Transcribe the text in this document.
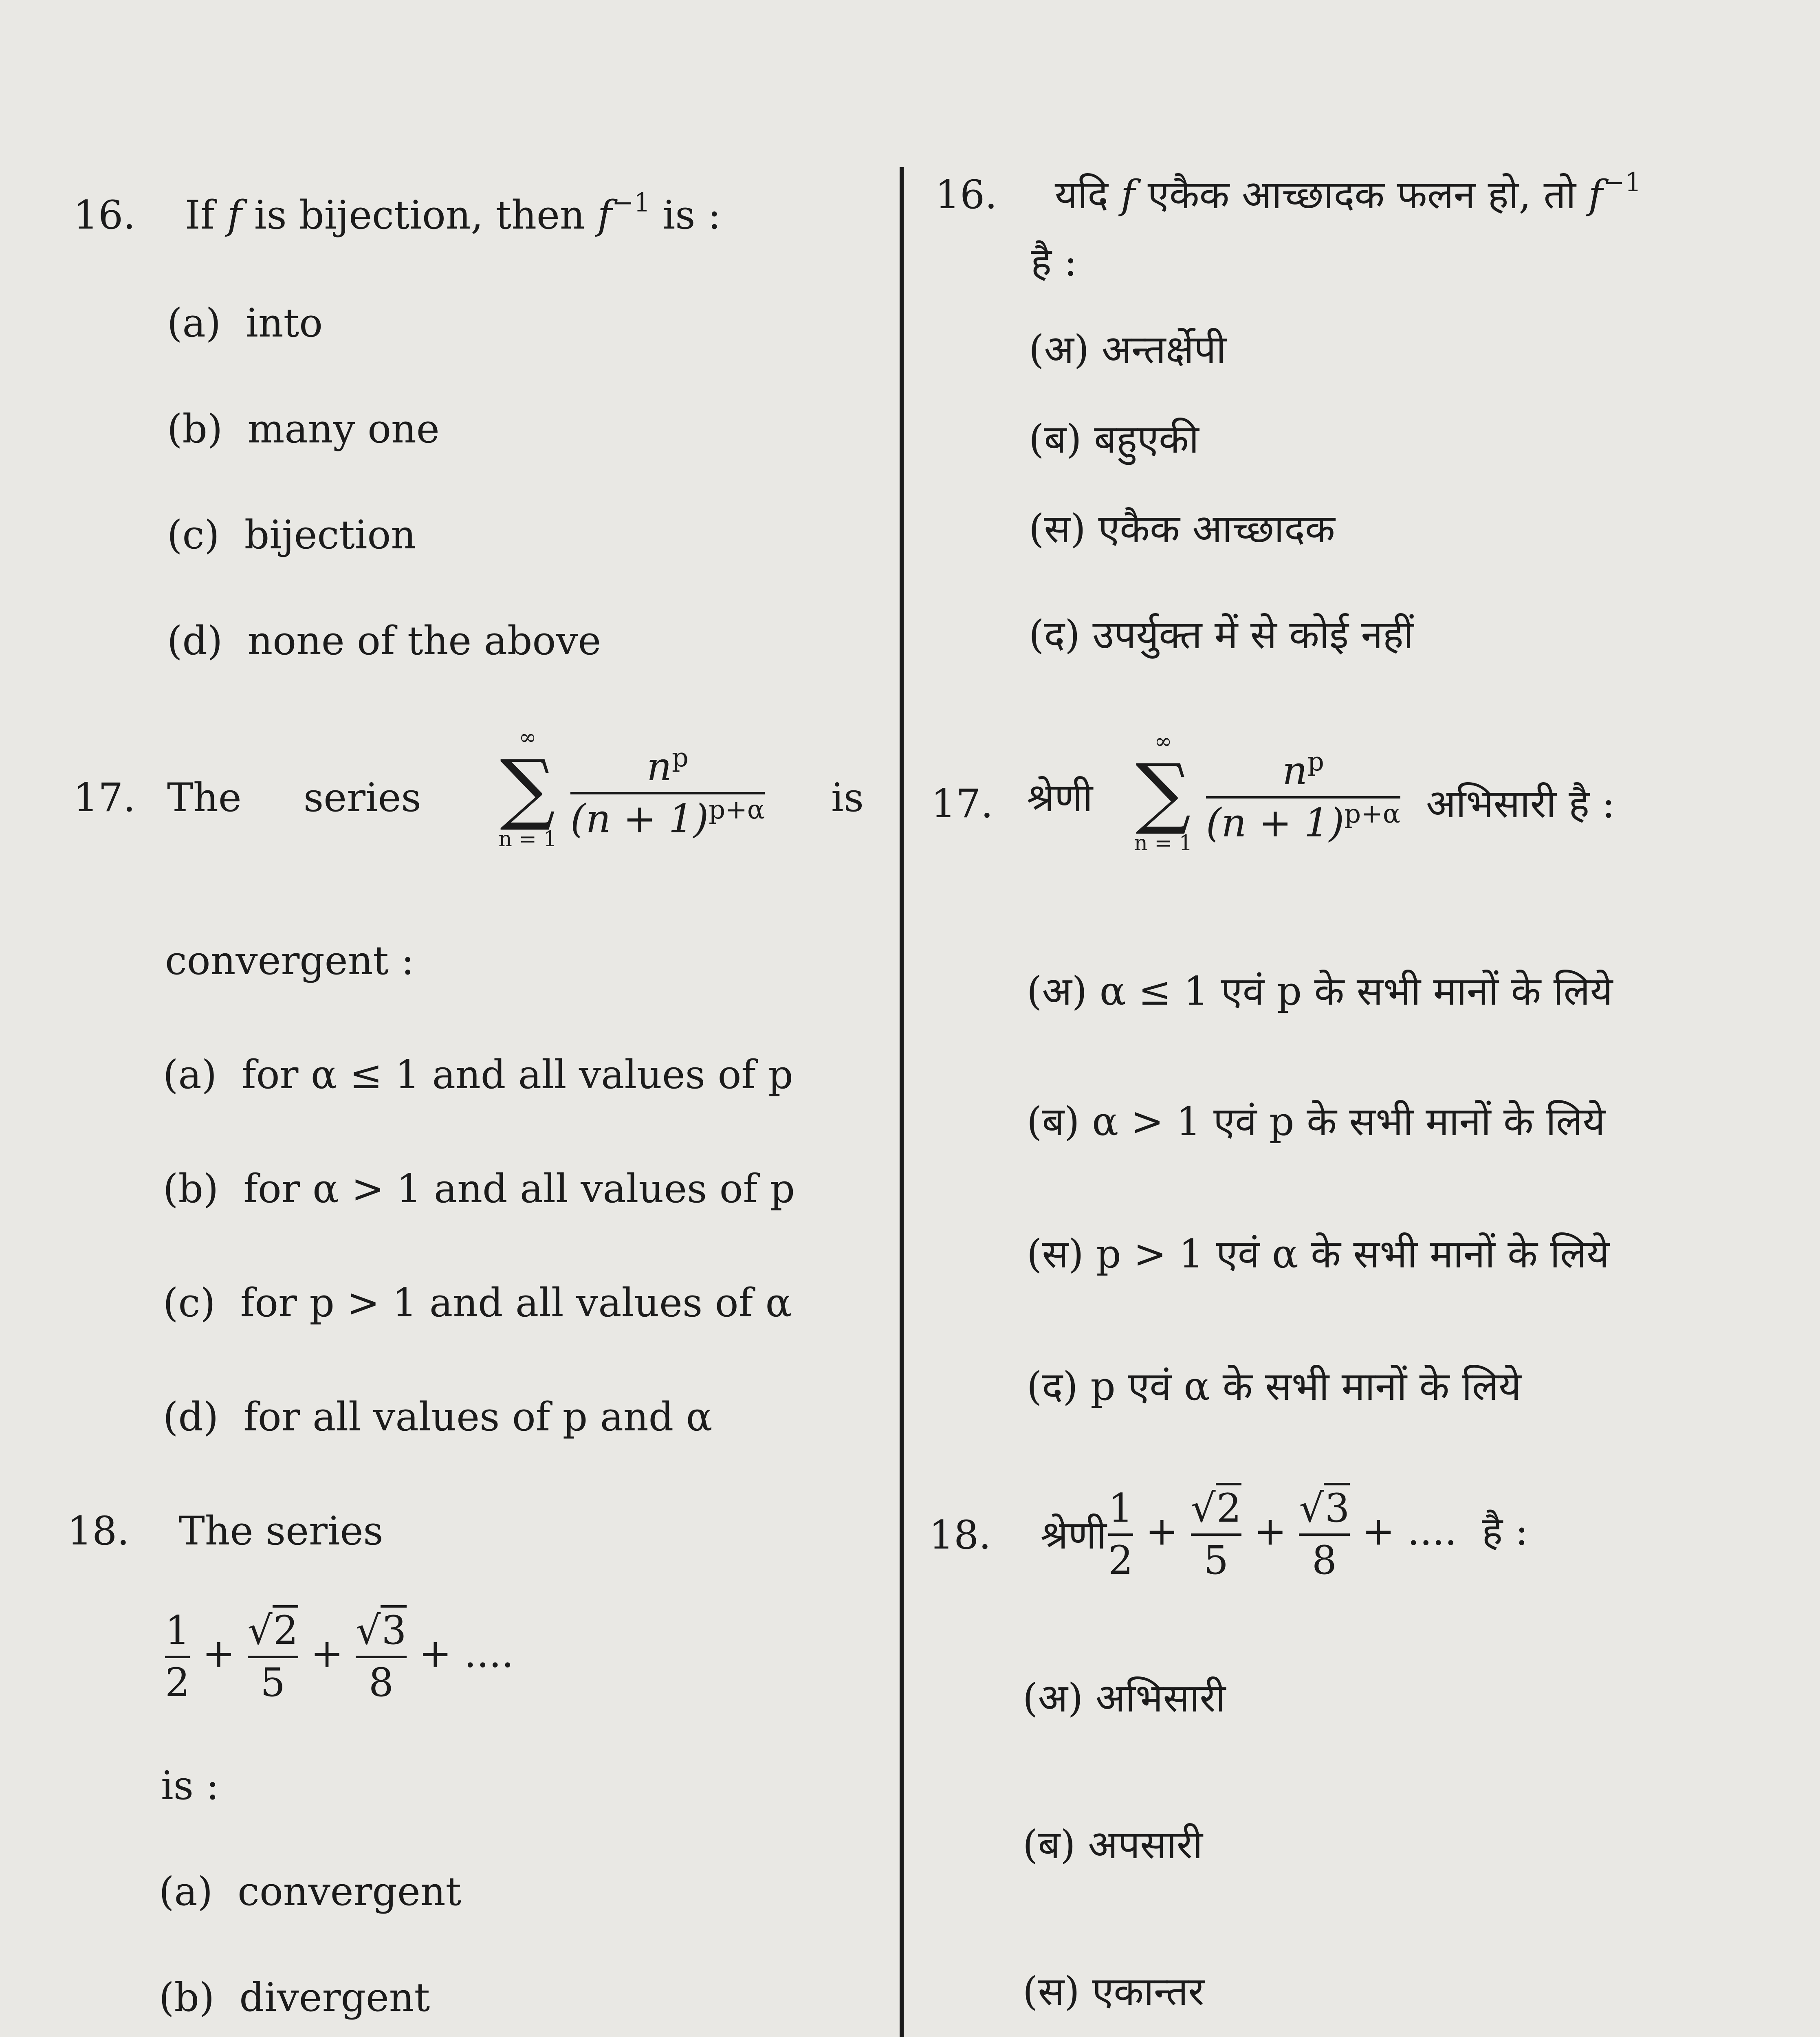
16. If f is bijection, then $f^{-1}$ is :
(a) into
(b) many one
(c) bijection
(d) none of the above
17. The series
∞
∑
n = 1
$n^p$
$(n + 1)^{p+\alpha}$ is
convergent :
(a) for α ≤ 1 and all values of p
(b) for α > 1 and all values of p
(c) for p > 1 and all values of α
(d) for all values of p and α
18. The series
1
2
+
√2
5
+
√3
8
+ ....
is :
(a) convergent
(b) divergent

16. यदि f एकैक आच्छादक फलन हो, तो $f^{-1}$
है :
(अ) अन्तर्क्षेपी
(ब) बहुएकी
(स) एकैक आच्छादक
(द) उपर्युक्त में से कोई नहीं
17. श्रेणी
∞
∑
n = 1
$n^p$
$(n + 1)^{p+\alpha}$ अभिसारी है :
(अ) α ≤ 1 एवं p के सभी मानों के लिये
(ब) α > 1 एवं p के सभी मानों के लिये
(स) p > 1 एवं α के सभी मानों के लिये
(द) p एवं α के सभी मानों के लिये
18. श्रेणी
1
2
+
√2
5
+
√3
8
+ .... है :
(अ) अभिसारी
(ब) अपसारी
(स) एकान्तर
